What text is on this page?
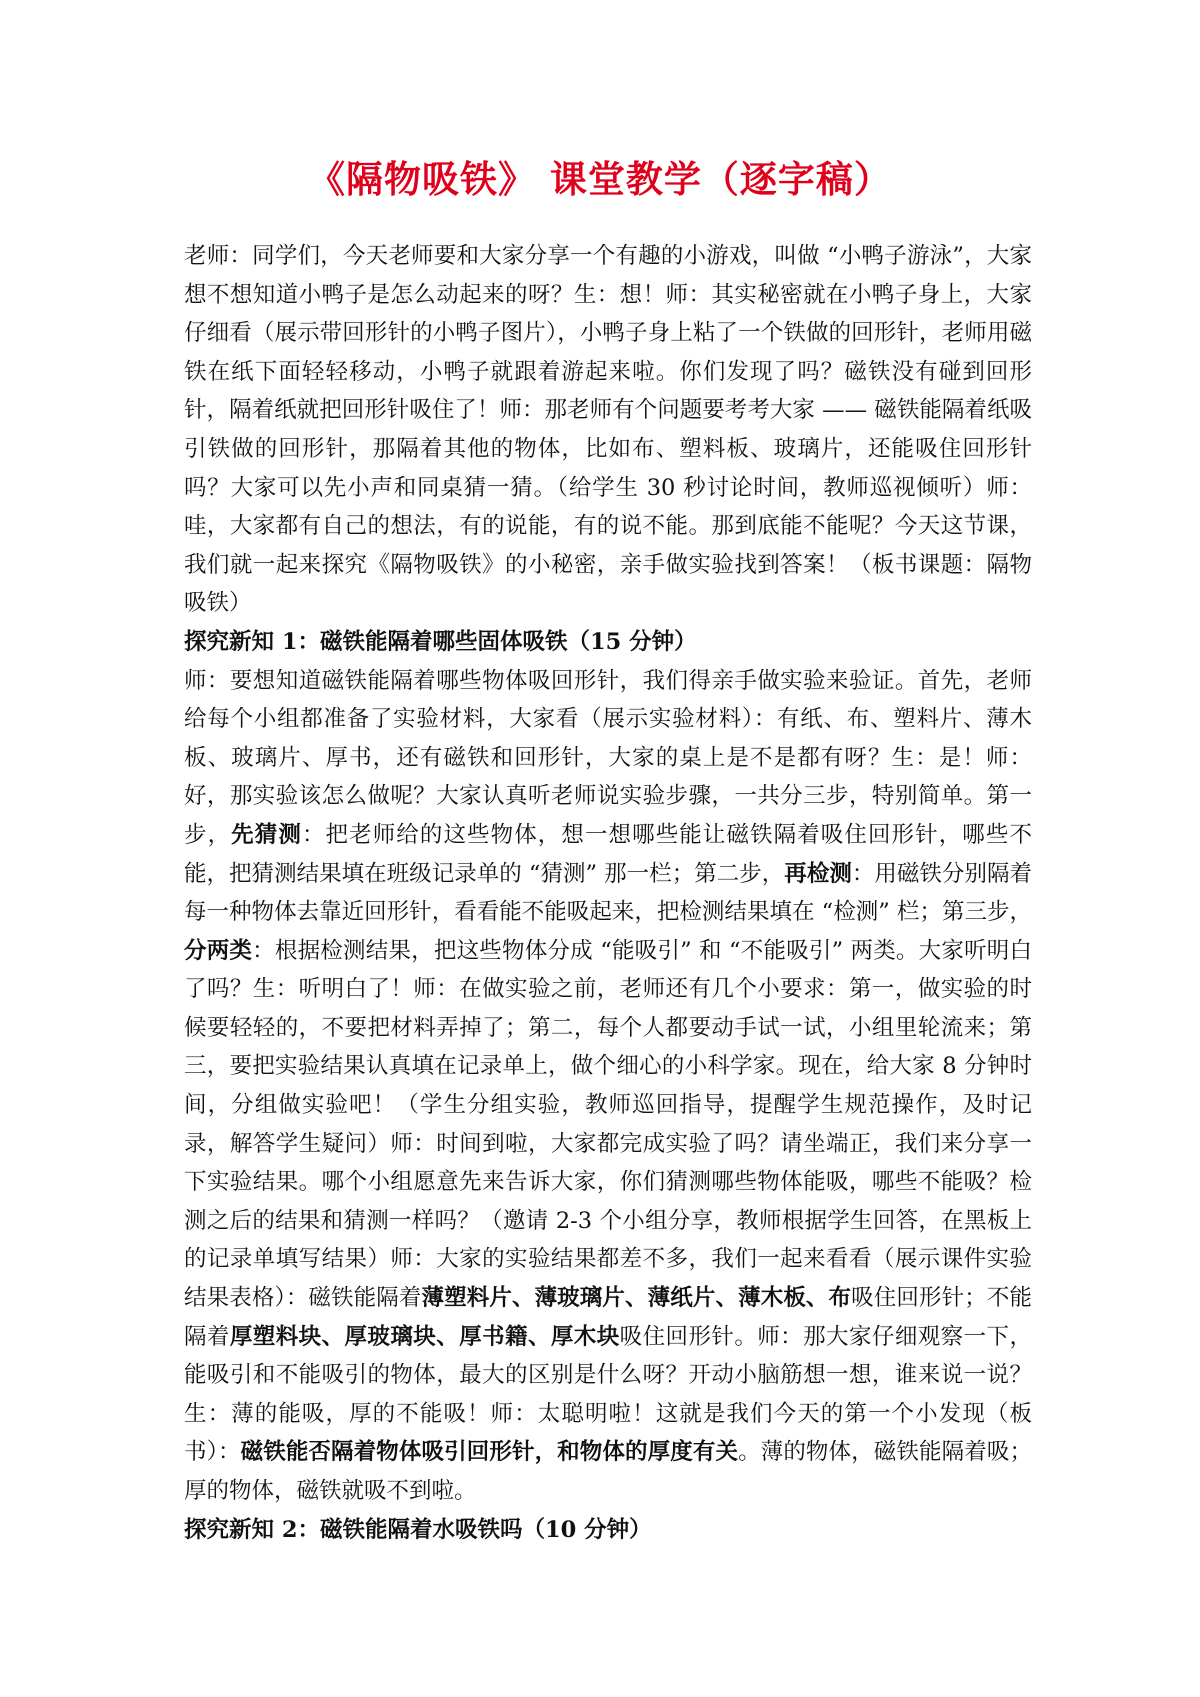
《隔物吸铁》 课堂教学（逐字稿）

老师：同学们，今天老师要和大家分享一个有趣的小游戏，叫做 “小鸭子游泳”，大家想不想知道小鸭子是怎么动起来的呀？生：想！师：其实秘密就在小鸭子身上，大家仔细看（展示带回形针的小鸭子图片），小鸭子身上粘了一个铁做的回形针，老师用磁铁在纸下面轻轻移动，小鸭子就跟着游起来啦。你们发现了吗？磁铁没有碰到回形针，隔着纸就把回形针吸住了！师：那老师有个问题要考考大家 —— 磁铁能隔着纸吸引铁做的回形针，那隔着其他的物体，比如布、塑料板、玻璃片，还能吸住回形针吗？大家可以先小声和同桌猜一猜。（给学生 30 秒讨论时间，教师巡视倾听）师：哇，大家都有自己的想法，有的说能，有的说不能。那到底能不能呢？今天这节课，我们就一起来探究《隔物吸铁》的小秘密，亲手做实验找到答案！（板书课题：隔物吸铁）

探究新知 1：磁铁能隔着哪些固体吸铁（15 分钟）

师：要想知道磁铁能隔着哪些物体吸回形针，我们得亲手做实验来验证。首先，老师给每个小组都准备了实验材料，大家看（展示实验材料）：有纸、布、塑料片、薄木板、玻璃片、厚书，还有磁铁和回形针，大家的桌上是不是都有呀？生：是！师：好，那实验该怎么做呢？大家认真听老师说实验步骤，一共分三步，特别简单。第一步，先猜测：把老师给的这些物体，想一想哪些能让磁铁隔着吸住回形针，哪些不能，把猜测结果填在班级记录单的 “猜测” 那一栏；第二步，再检测：用磁铁分别隔着每一种物体去靠近回形针，看看能不能吸起来，把检测结果填在 “检测” 栏；第三步，分两类：根据检测结果，把这些物体分成 “能吸引” 和 “不能吸引” 两类。大家听明白了吗？生：听明白了！师：在做实验之前，老师还有几个小要求：第一，做实验的时候要轻轻的，不要把材料弄掉了；第二，每个人都要动手试一试，小组里轮流来；第三，要把实验结果认真填在记录单上，做个细心的小科学家。现在，给大家 8 分钟时间，分组做实验吧！（学生分组实验，教师巡回指导，提醒学生规范操作，及时记录，解答学生疑问）师：时间到啦，大家都完成实验了吗？请坐端正，我们来分享一下实验结果。哪个小组愿意先来告诉大家，你们猜测哪些物体能吸，哪些不能吸？检测之后的结果和猜测一样吗？（邀请 2-3 个小组分享，教师根据学生回答，在黑板上的记录单填写结果）师：大家的实验结果都差不多，我们一起来看看（展示课件实验结果表格）：磁铁能隔着薄塑料片、薄玻璃片、薄纸片、薄木板、布吸住回形针；不能隔着厚塑料块、厚玻璃块、厚书籍、厚木块吸住回形针。师：那大家仔细观察一下，能吸引和不能吸引的物体，最大的区别是什么呀？开动小脑筋想一想，谁来说一说？生：薄的能吸，厚的不能吸！师：太聪明啦！这就是我们今天的第一个小发现（板书）：磁铁能否隔着物体吸引回形针，和物体的厚度有关。薄的物体，磁铁能隔着吸；厚的物体，磁铁就吸不到啦。

探究新知 2：磁铁能隔着水吸铁吗（10 分钟）
